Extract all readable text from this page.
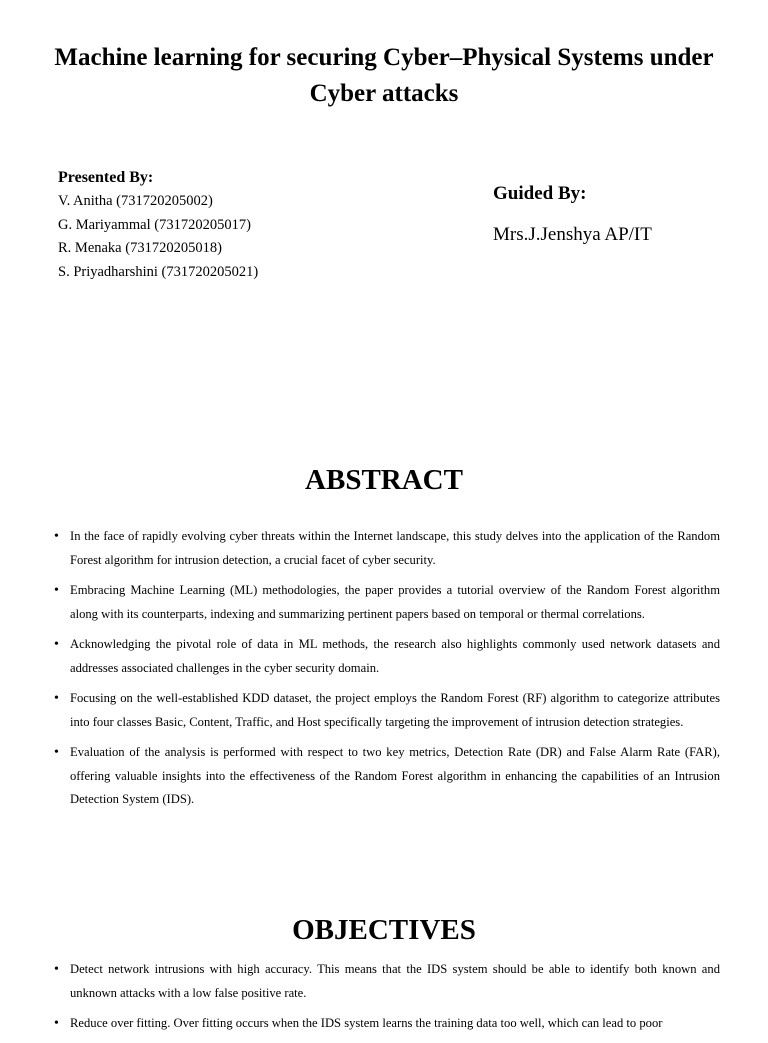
Machine learning for securing Cyber–Physical Systems under Cyber attacks
Presented By:
V. Anitha (731720205002)
G. Mariyammal (731720205017)
R. Menaka (731720205018)
S. Priyadharshini (731720205021)
Guided By:
Mrs.J.Jenshya AP/IT
ABSTRACT
• In the face of rapidly evolving cyber threats within the Internet landscape, this study delves into the application of the Random Forest algorithm for intrusion detection, a crucial facet of cyber security.
• Embracing Machine Learning (ML) methodologies, the paper provides a tutorial overview of the Random Forest algorithm along with its counterparts, indexing and summarizing pertinent papers based on temporal or thermal correlations.
• Acknowledging the pivotal role of data in ML methods, the research also highlights commonly used network datasets and addresses associated challenges in the cyber security domain.
• Focusing on the well-established KDD dataset, the project employs the Random Forest (RF) algorithm to categorize attributes into four classes Basic, Content, Traffic, and Host specifically targeting the improvement of intrusion detection strategies.
• Evaluation of the analysis is performed with respect to two key metrics, Detection Rate (DR) and False Alarm Rate (FAR), offering valuable insights into the effectiveness of the Random Forest algorithm in enhancing the capabilities of an Intrusion Detection System (IDS).
OBJECTIVES
• Detect network intrusions with high accuracy. This means that the IDS system should be able to identify both known and unknown attacks with a low false positive rate.
• Reduce over fitting. Over fitting occurs when the IDS system learns the training data too well, which can lead to poor
